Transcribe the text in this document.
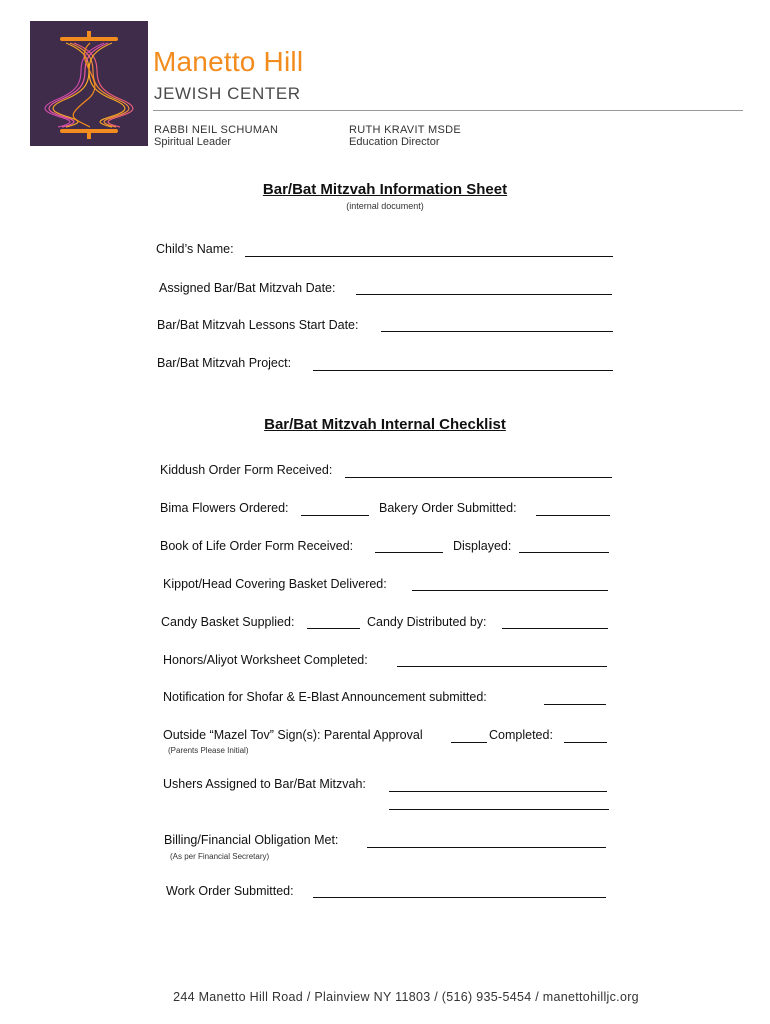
Manetto Hill
JEWISH CENTER
RABBI NEIL SCHUMAN
Spiritual Leader
RUTH KRAVIT MSDE
Education Director
Bar/Bat Mitzvah Information Sheet
(internal document)
Child’s Name:
Assigned Bar/Bat Mitzvah Date:
Bar/Bat Mitzvah Lessons Start Date:
Bar/Bat Mitzvah Project:
Bar/Bat Mitzvah Internal Checklist
Kiddush Order Form Received:
Bima Flowers Ordered:	Bakery Order Submitted:
Book of Life Order Form Received:	Displayed:
Kippot/Head Covering Basket Delivered:
Candy Basket Supplied:	Candy Distributed by:
Honors/Aliyot Worksheet Completed:
Notification for Shofar & E-Blast Announcement submitted:
Outside “Mazel Tov” Sign(s): Parental Approval	Completed:
(Parents Please Initial)
Ushers Assigned to Bar/Bat Mitzvah:
Billing/Financial Obligation Met:
(As per Financial Secretary)
Work Order Submitted:
244 Manetto Hill Road / Plainview NY 11803 / (516) 935-5454 / manettohilljc.org
